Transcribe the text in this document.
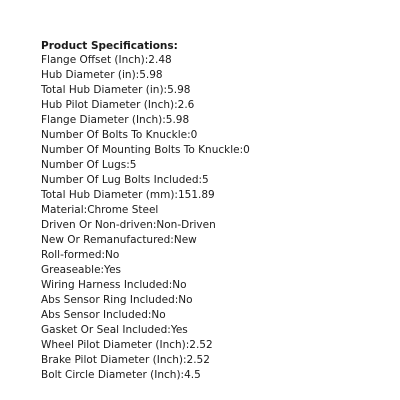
Product Specifications:
Flange Offset (Inch):2.48
Hub Diameter (in):5.98
Total Hub Diameter (in):5.98
Hub Pilot Diameter (Inch):2.6
Flange Diameter (Inch):5.98
Number Of Bolts To Knuckle:0
Number Of Mounting Bolts To Knuckle:0
Number Of Lugs:5
Number Of Lug Bolts Included:5
Total Hub Diameter (mm):151.89
Material:Chrome Steel
Driven Or Non-driven:Non-Driven
New Or Remanufactured:New
Roll-formed:No
Greaseable:Yes
Wiring Harness Included:No
Abs Sensor Ring Included:No
Abs Sensor Included:No
Gasket Or Seal Included:Yes
Wheel Pilot Diameter (Inch):2.52
Brake Pilot Diameter (Inch):2.52
Bolt Circle Diameter (Inch):4.5
